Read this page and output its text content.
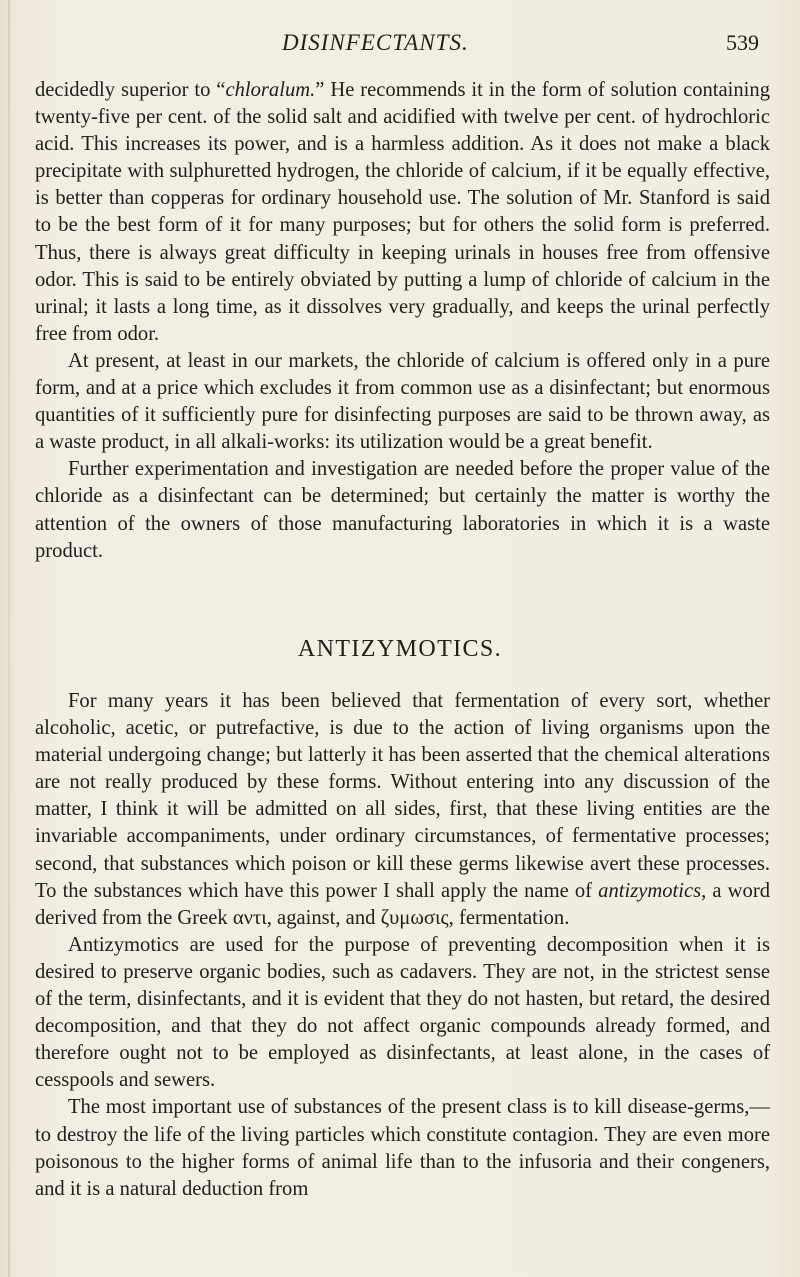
DISINFECTANTS.	539

decidedly superior to “chloralum.” He recommends it in the form of solution containing twenty-five per cent. of the solid salt and acidified with twelve per cent. of hydrochloric acid. This increases its power, and is a harmless addition. As it does not make a black precipitate with sulphuretted hydrogen, the chloride of calcium, if it be equally effective, is better than copperas for ordinary household use. The solution of Mr. Stanford is said to be the best form of it for many purposes; but for others the solid form is preferred. Thus, there is always great difficulty in keeping urinals in houses free from offensive odor. This is said to be entirely obviated by putting a lump of chloride of calcium in the urinal; it lasts a long time, as it dissolves very gradually, and keeps the urinal perfectly free from odor.

At present, at least in our markets, the chloride of calcium is offered only in a pure form, and at a price which excludes it from common use as a disinfectant; but enormous quantities of it sufficiently pure for disinfecting purposes are said to be thrown away, as a waste product, in all alkali-works: its utilization would be a great benefit.

Further experimentation and investigation are needed before the proper value of the chloride as a disinfectant can be determined; but certainly the matter is worthy the attention of the owners of those manufacturing laboratories in which it is a waste product.

ANTIZYMOTICS.

For many years it has been believed that fermentation of every sort, whether alcoholic, acetic, or putrefactive, is due to the action of living organisms upon the material undergoing change; but latterly it has been asserted that the chemical alterations are not really produced by these forms. Without entering into any discussion of the matter, I think it will be admitted on all sides, first, that these living entities are the invariable accompaniments, under ordinary circumstances, of fermentative processes; second, that substances which poison or kill these germs likewise avert these processes. To the substances which have this power I shall apply the name of antizymotics, a word derived from the Greek αντι, against, and ζυμωσις, fermentation.

Antizymotics are used for the purpose of preventing decomposition when it is desired to preserve organic bodies, such as cadavers. They are not, in the strictest sense of the term, disinfectants, and it is evident that they do not hasten, but retard, the desired decomposition, and that they do not affect organic compounds already formed, and therefore ought not to be employed as disinfectants, at least alone, in the cases of cesspools and sewers.

The most important use of substances of the present class is to kill disease-germs,—to destroy the life of the living particles which constitute contagion. They are even more poisonous to the higher forms of animal life than to the infusoria and their congeners, and it is a natural deduction from
